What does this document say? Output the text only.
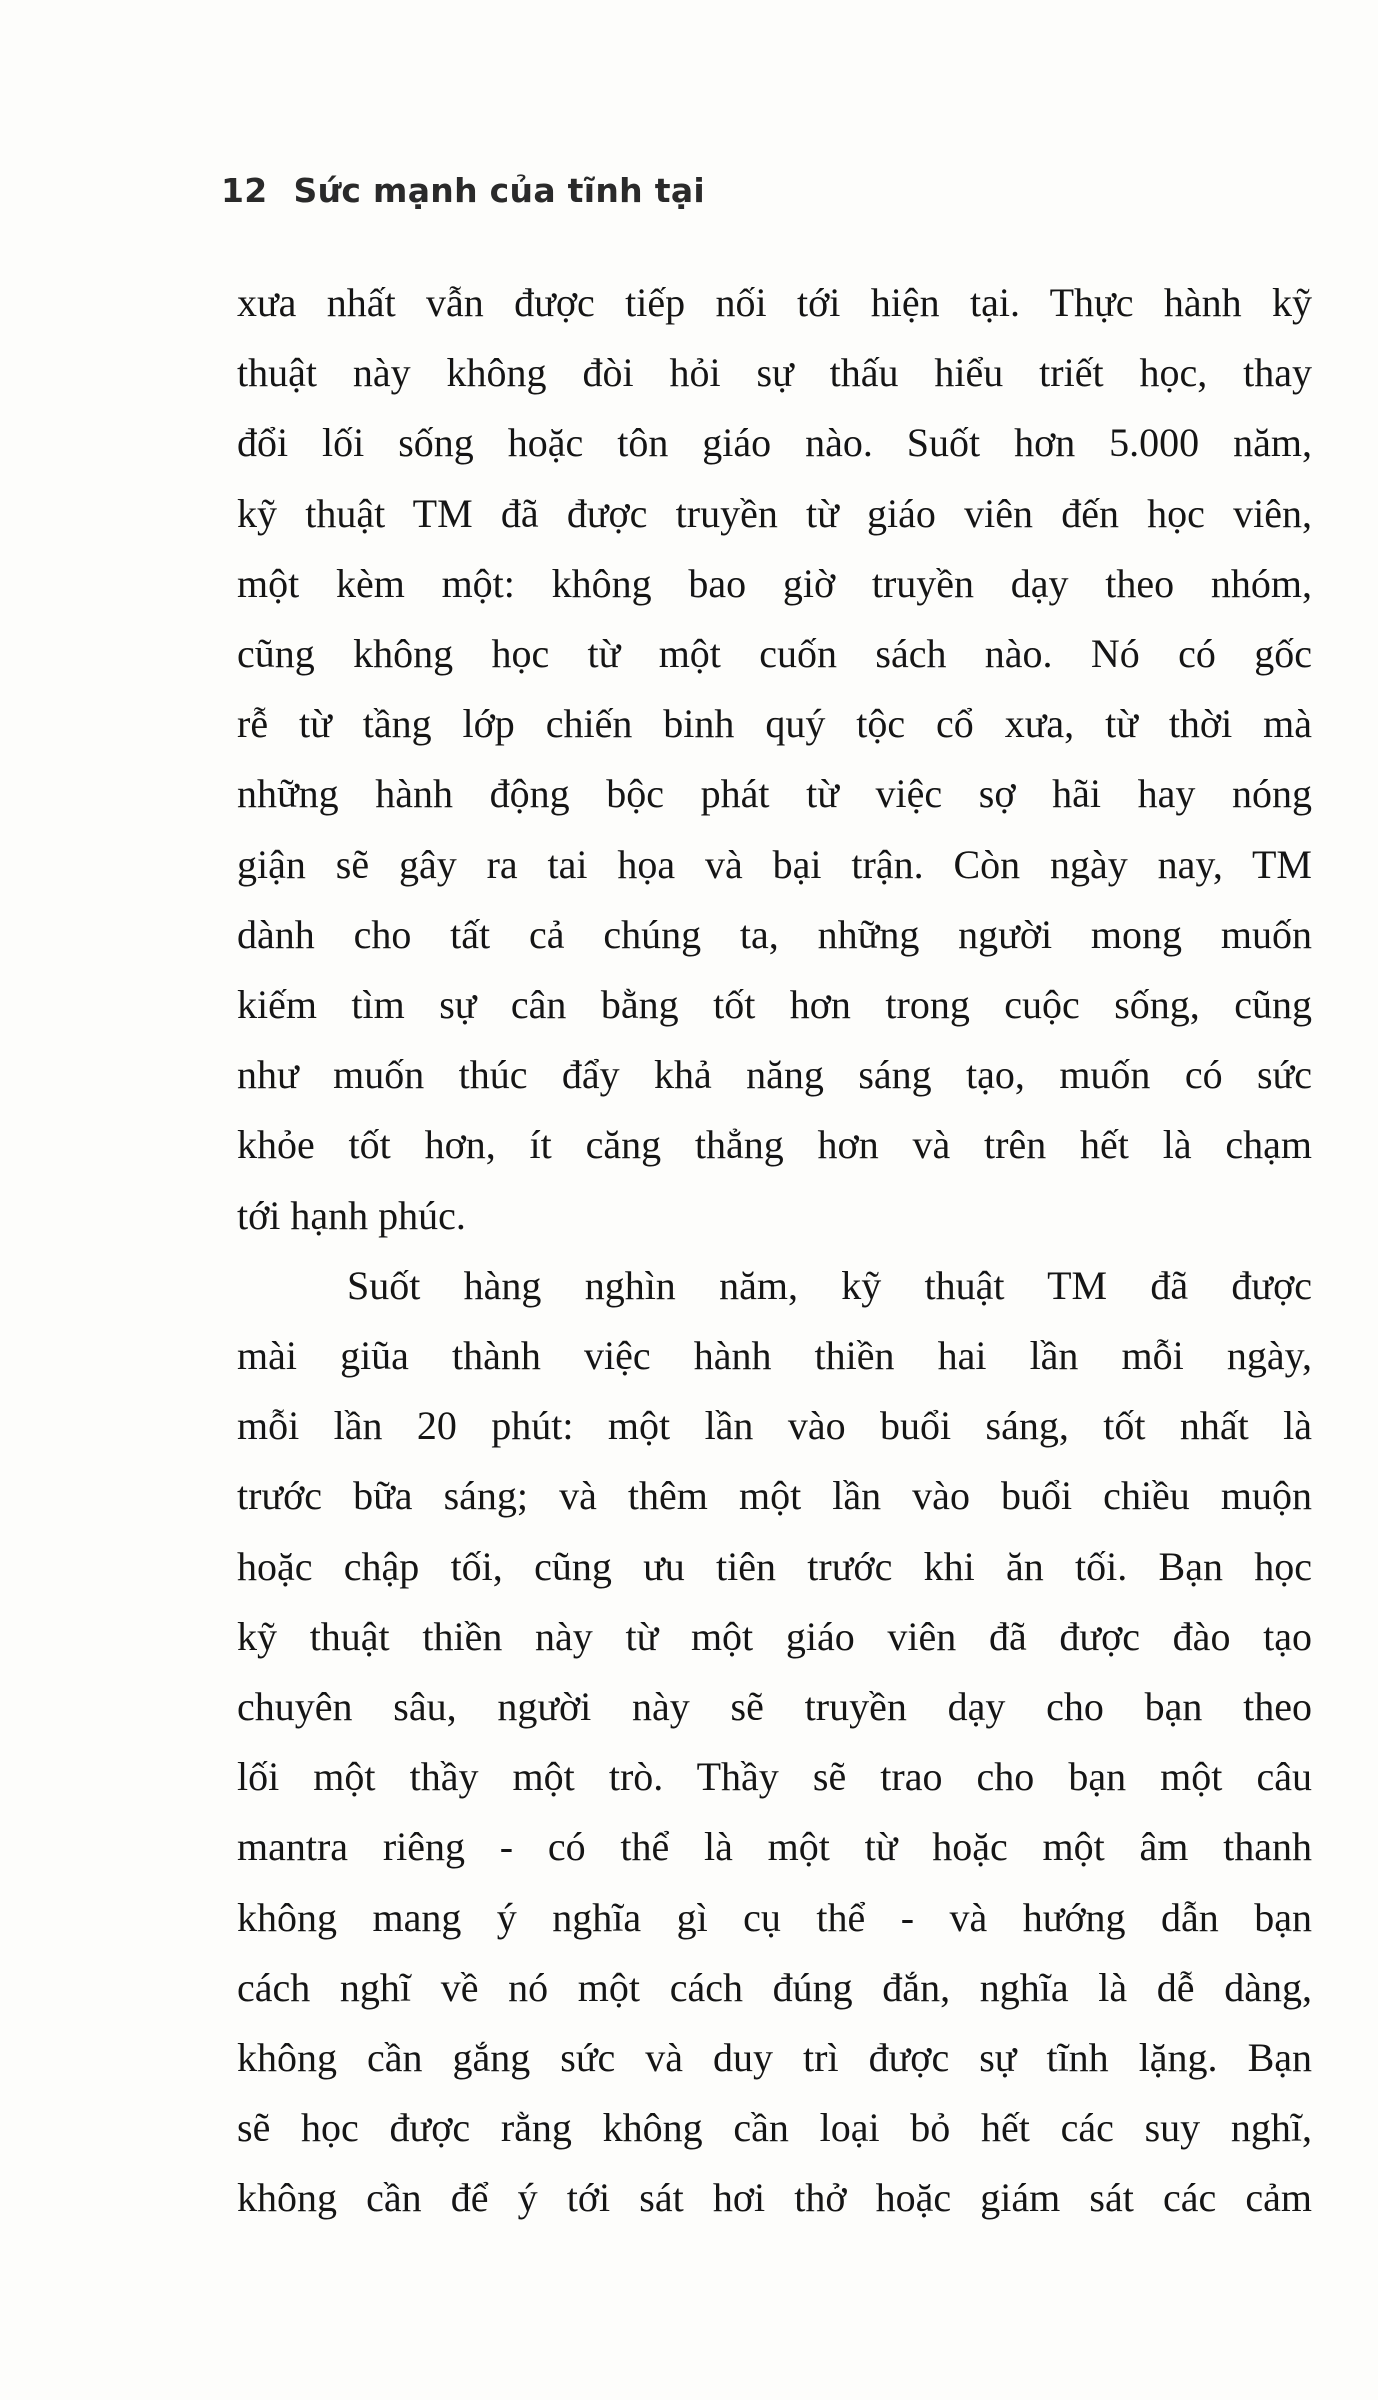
12 Sức mạnh của tĩnh tại
xưa nhất vẫn được tiếp nối tới hiện tại. Thực hành kỹ
thuật này không đòi hỏi sự thấu hiểu triết học, thay
đổi lối sống hoặc tôn giáo nào. Suốt hơn 5.000 năm,
kỹ thuật TM đã được truyền từ giáo viên đến học viên,
một kèm một: không bao giờ truyền dạy theo nhóm,
cũng không học từ một cuốn sách nào. Nó có gốc
rễ từ tầng lớp chiến binh quý tộc cổ xưa, từ thời mà
những hành động bộc phát từ việc sợ hãi hay nóng
giận sẽ gây ra tai họa và bại trận. Còn ngày nay, TM
dành cho tất cả chúng ta, những người mong muốn
kiếm tìm sự cân bằng tốt hơn trong cuộc sống, cũng
như muốn thúc đẩy khả năng sáng tạo, muốn có sức
khỏe tốt hơn, ít căng thẳng hơn và trên hết là chạm
tới hạnh phúc.
Suốt hàng nghìn năm, kỹ thuật TM đã được
mài giũa thành việc hành thiền hai lần mỗi ngày,
mỗi lần 20 phút: một lần vào buổi sáng, tốt nhất là
trước bữa sáng; và thêm một lần vào buổi chiều muộn
hoặc chập tối, cũng ưu tiên trước khi ăn tối. Bạn học
kỹ thuật thiền này từ một giáo viên đã được đào tạo
chuyên sâu, người này sẽ truyền dạy cho bạn theo
lối một thầy một trò. Thầy sẽ trao cho bạn một câu
mantra riêng - có thể là một từ hoặc một âm thanh
không mang ý nghĩa gì cụ thể - và hướng dẫn bạn
cách nghĩ về nó một cách đúng đắn, nghĩa là dễ dàng,
không cần gắng sức và duy trì được sự tĩnh lặng. Bạn
sẽ học được rằng không cần loại bỏ hết các suy nghĩ,
không cần để ý tới sát hơi thở hoặc giám sát các cảm
